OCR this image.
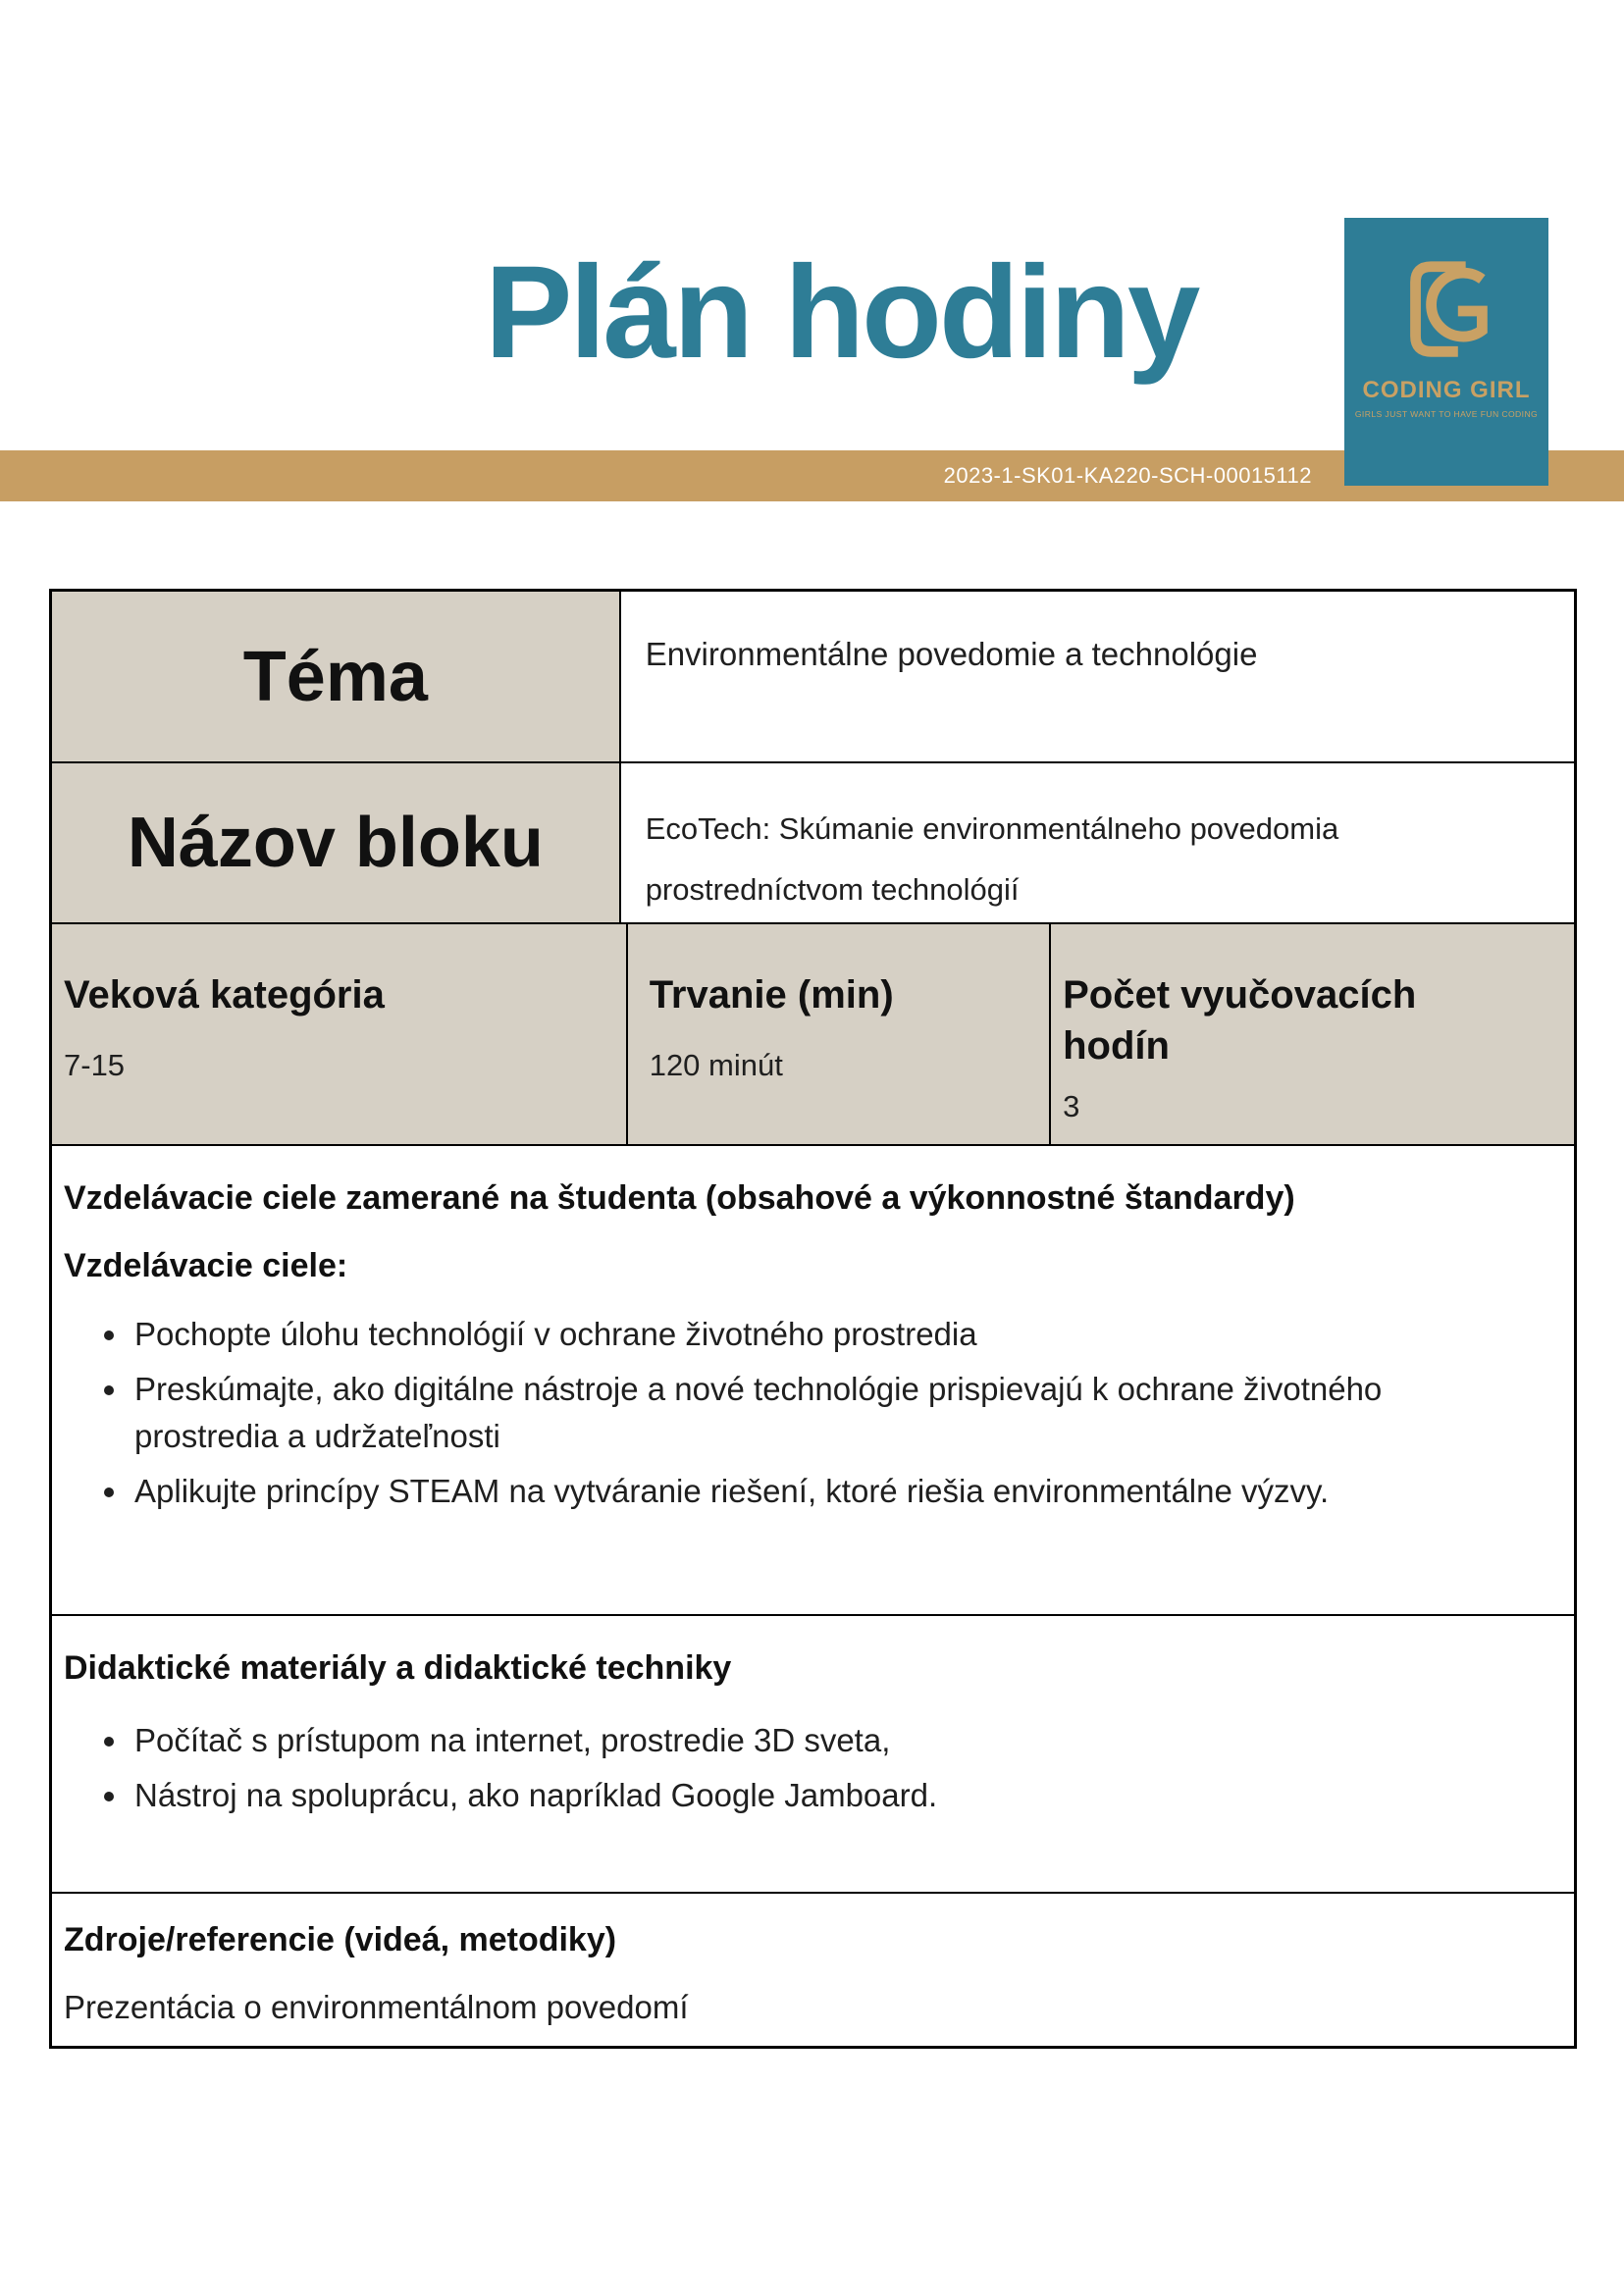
Plán hodiny
2023-1-SK01-KA220-SCH-00015112
CODING GIRL
GIRLS JUST WANT TO HAVE FUN CODING
Téma	Environmentálne povedomie a technológie
Názov bloku	EcoTech: Skúmanie environmentálneho povedomia prostredníctvom technológií
Veková kategória
7-15
Trvanie (min)
120 minút
Počet vyučovacích hodín
3
Vzdelávacie ciele zamerané na študenta (obsahové a výkonnostné štandardy)
Vzdelávacie ciele:
• Pochopte úlohu technológií v ochrane životného prostredia
• Preskúmajte, ako digitálne nástroje a nové technológie prispievajú k ochrane životného prostredia a udržateľnosti
• Aplikujte princípy STEAM na vytváranie riešení, ktoré riešia environmentálne výzvy.
Didaktické materiály a didaktické techniky
• Počítač s prístupom na internet, prostredie 3D sveta,
• Nástroj na spoluprácu, ako napríklad Google Jamboard.
Zdroje/referencie (videá, metodiky)
Prezentácia o environmentálnom povedomí
